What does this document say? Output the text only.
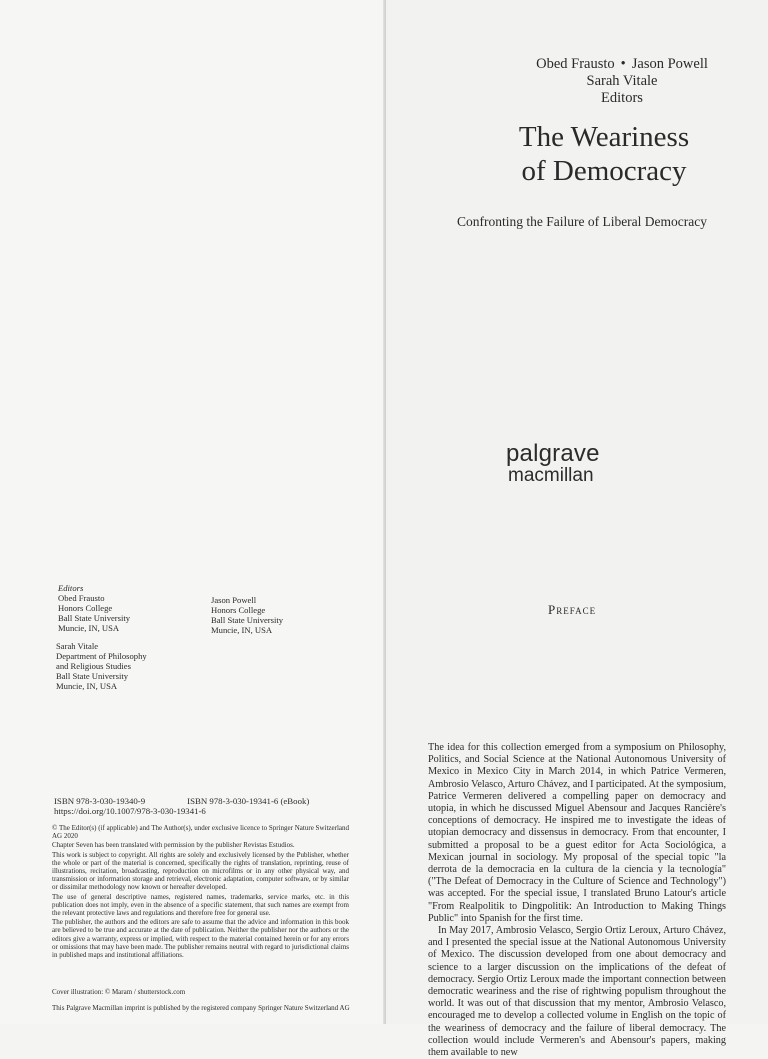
Editors
Obed Frausto
Honors College
Ball State University
Muncie, IN, USA
Jason Powell
Honors College
Ball State University
Muncie, IN, USA
Sarah Vitale
Department of Philosophy
and Religious Studies
Ball State University
Muncie, IN, USA
ISBN 978-3-030-19340-9	ISBN 978-3-030-19341-6 (eBook)
https://doi.org/10.1007/978-3-030-19341-6

© The Editor(s) (if applicable) and The Author(s), under exclusive licence to Springer Nature Switzerland AG 2020

Chapter Seven has been translated with permission by the publisher Revistas Estudios.

This work is subject to copyright. All rights are solely and exclusively licensed by the Publisher, whether the whole or part of the material is concerned, specifically the rights of translation, reprinting, reuse of illustrations, recitation, broadcasting, reproduction on microfilms or in any other physical way, and transmission or information storage and retrieval, electronic adaptation, computer software, or by similar or dissimilar methodology now known or hereafter developed.

The use of general descriptive names, registered names, trademarks, service marks, etc. in this publication does not imply, even in the absence of a specific statement, that such names are exempt from the relevant protective laws and regulations and therefore free for general use.

The publisher, the authors and the editors are safe to assume that the advice and information in this book are believed to be true and accurate at the date of publication. Neither the publisher nor the authors or the editors give a warranty, express or implied, with respect to the material contained herein or for any errors or omissions that may have been made. The publisher remains neutral with regard to jurisdictional claims in published maps and institutional affiliations.

Cover illustration: © Maram / shutterstock.com
This Palgrave Macmillan imprint is published by the registered company Springer Nature Switzerland AG
Obed Frausto • Jason Powell
Sarah Vitale
Editors
The Weariness
of Democracy
Confronting the Failure of Liberal Democracy
palgrave
macmillan
Preface

The idea for this collection emerged from a symposium on Philosophy, Politics, and Social Science at the National Autonomous University of Mexico in Mexico City in March 2014, in which Patrice Vermeren, Ambrosio Velasco, Arturo Chávez, and I participated. At the symposium, Patrice Vermeren delivered a compelling paper on democracy and utopia, in which he discussed Miguel Abensour and Jacques Rancière's conceptions of democracy. He inspired me to investigate the ideas of utopian democracy and dissensus in democracy. From that encounter, I submitted a proposal to be a guest editor for Acta Sociológica, a Mexican journal in sociology. My proposal of the special topic "la derrota de la democracia en la cultura de la ciencia y la tecnología" ("The Defeat of Democracy in the Culture of Science and Technology") was accepted. For the special issue, I translated Bruno Latour's article "From Realpolitik to Dingpolitik: An Introduction to Making Things Public" into Spanish for the first time.

In May 2017, Ambrosio Velasco, Sergio Ortiz Leroux, Arturo Chávez, and I presented the special issue at the National Autonomous University of Mexico. The discussion developed from one about democracy and science to a larger discussion on the implications of the defeat of democracy. Sergio Ortiz Leroux made the important connection between democratic weariness and the rise of rightwing populism throughout the world. It was out of that discussion that my mentor, Ambrosio Velasco, encouraged me to develop a collected volume in English on the topic of the weariness of democracy and the failure of liberal democracy. The collection would include Vermeren's and Abensour's papers, making them available to new
